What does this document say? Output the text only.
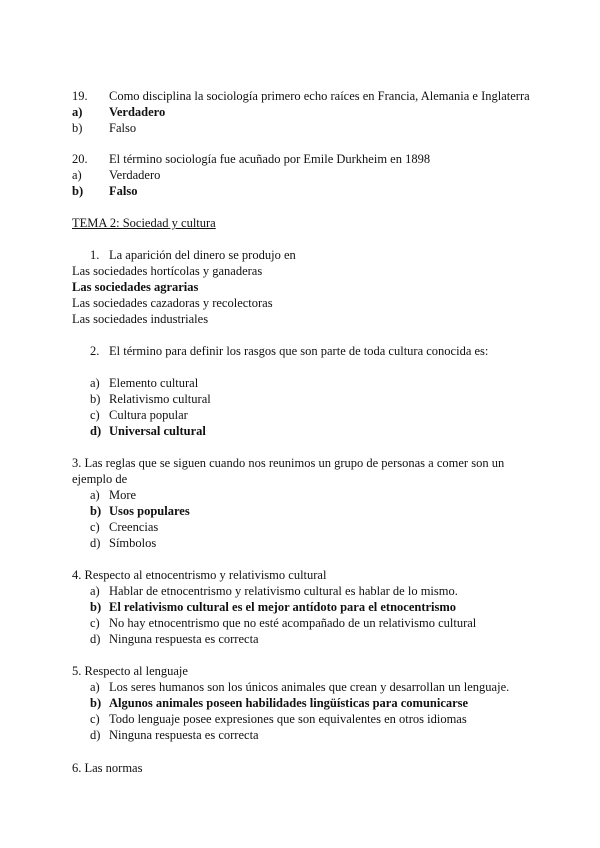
19. Como disciplina la sociología primero echo raíces en Francia, Alemania e Inglaterra
a) Verdadero
b) Falso
20. El término sociología fue acuñado por Emile Durkheim en 1898
a) Verdadero
b) Falso
TEMA 2: Sociedad y cultura
1. La aparición del dinero se produjo en
Las sociedades hortícolas y ganaderas
Las sociedades agrarias
Las sociedades cazadoras y recolectoras
Las sociedades industriales
2. El término para definir los rasgos que son parte de toda cultura conocida es:
a) Elemento cultural
b) Relativismo cultural
c) Cultura popular
d) Universal cultural
3. Las reglas que se siguen cuando nos reunimos un grupo de personas a comer son un
ejemplo de
a) More
b) Usos populares
c) Creencias
d) Símbolos
4. Respecto al etnocentrismo y relativismo cultural
a) Hablar de etnocentrismo y relativismo cultural es hablar de lo mismo.
b) El relativismo cultural es el mejor antídoto para el etnocentrismo
c) No hay etnocentrismo que no esté acompañado de un relativismo cultural
d) Ninguna respuesta es correcta
5. Respecto al lenguaje
a) Los seres humanos son los únicos animales que crean y desarrollan un lenguaje.
b) Algunos animales poseen habilidades lingüísticas para comunicarse
c) Todo lenguaje posee expresiones que son equivalentes en otros idiomas
d) Ninguna respuesta es correcta
6. Las normas
